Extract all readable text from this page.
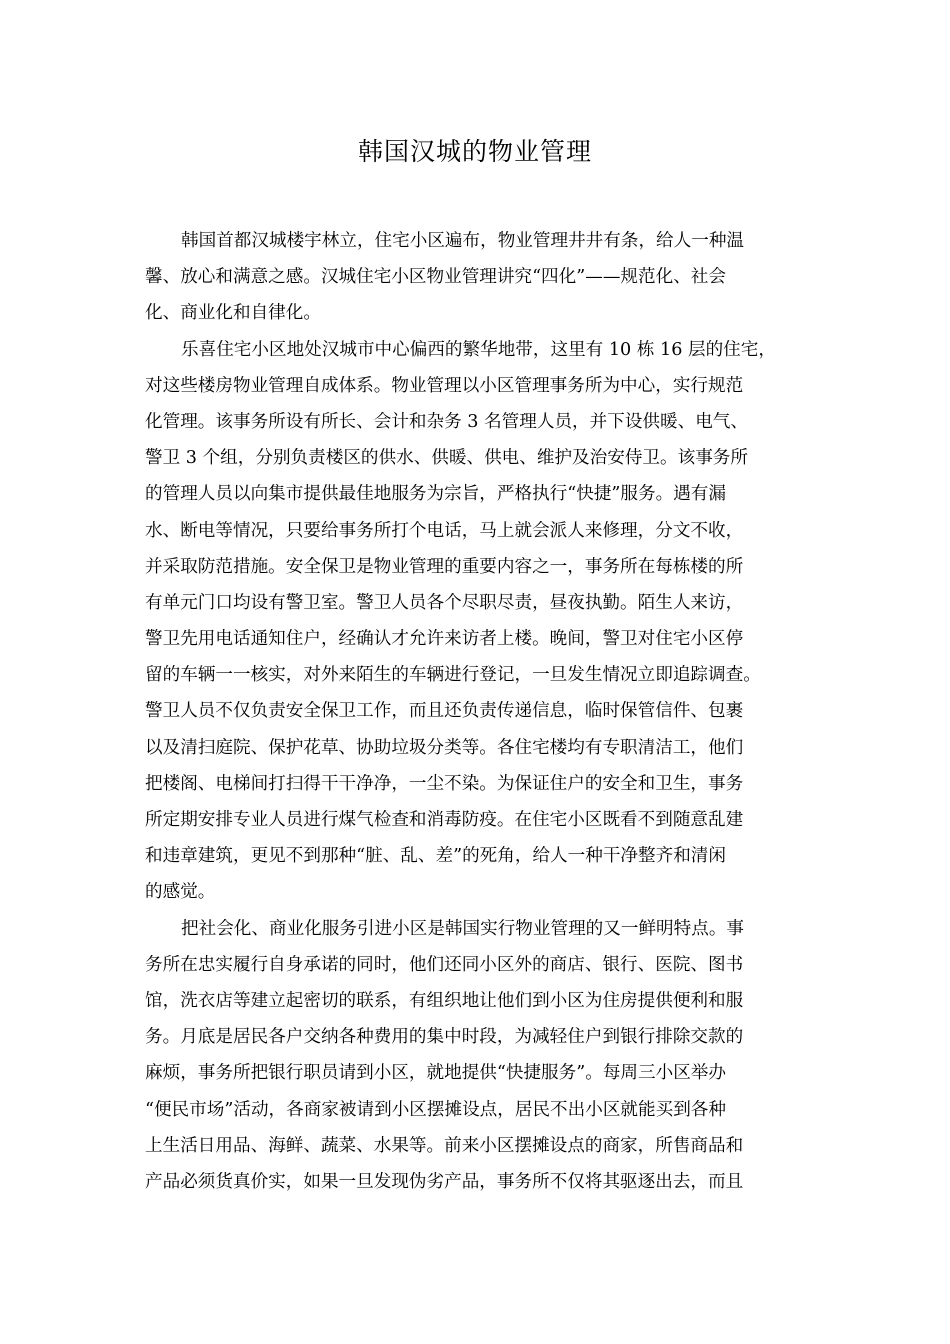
韩国汉城的物业管理
韩国首都汉城楼宇林立，住宅小区遍布，物业管理井井有条，给人一种温
馨、放心和满意之感。汉城住宅小区物业管理讲究“四化”——规范化、社会
化、商业化和自律化。
乐喜住宅小区地处汉城市中心偏西的繁华地带，这里有 10 栋 16 层的住宅，
对这些楼房物业管理自成体系。物业管理以小区管理事务所为中心，实行规范
化管理。该事务所设有所长、会计和杂务 3 名管理人员，并下设供暖、电气、
警卫 3 个组，分别负责楼区的供水、供暖、供电、维护及治安侍卫。该事务所
的管理人员以向集市提供最佳地服务为宗旨，严格执行“快捷”服务。遇有漏
水、断电等情况，只要给事务所打个电话，马上就会派人来修理，分文不收，
并采取防范措施。安全保卫是物业管理的重要内容之一，事务所在每栋楼的所
有单元门口均设有警卫室。警卫人员各个尽职尽责，昼夜执勤。陌生人来访，
警卫先用电话通知住户，经确认才允许来访者上楼。晚间，警卫对住宅小区停
留的车辆一一核实，对外来陌生的车辆进行登记，一旦发生情况立即追踪调查。
警卫人员不仅负责安全保卫工作，而且还负责传递信息，临时保管信件、包裹
以及清扫庭院、保护花草、协助垃圾分类等。各住宅楼均有专职清洁工，他们
把楼阁、电梯间打扫得干干净净，一尘不染。为保证住户的安全和卫生，事务
所定期安排专业人员进行煤气检查和消毒防疫。在住宅小区既看不到随意乱建
和违章建筑，更见不到那种“脏、乱、差”的死角，给人一种干净整齐和清闲
的感觉。
把社会化、商业化服务引进小区是韩国实行物业管理的又一鲜明特点。事
务所在忠实履行自身承诺的同时，他们还同小区外的商店、银行、医院、图书
馆，洗衣店等建立起密切的联系，有组织地让他们到小区为住房提供便利和服
务。月底是居民各户交纳各种费用的集中时段，为减轻住户到银行排除交款的
麻烦，事务所把银行职员请到小区，就地提供“快捷服务”。每周三小区举办
“便民市场”活动，各商家被请到小区摆摊设点，居民不出小区就能买到各种
上生活日用品、海鲜、蔬菜、水果等。前来小区摆摊设点的商家，所售商品和
产品必须货真价实，如果一旦发现伪劣产品，事务所不仅将其驱逐出去，而且
